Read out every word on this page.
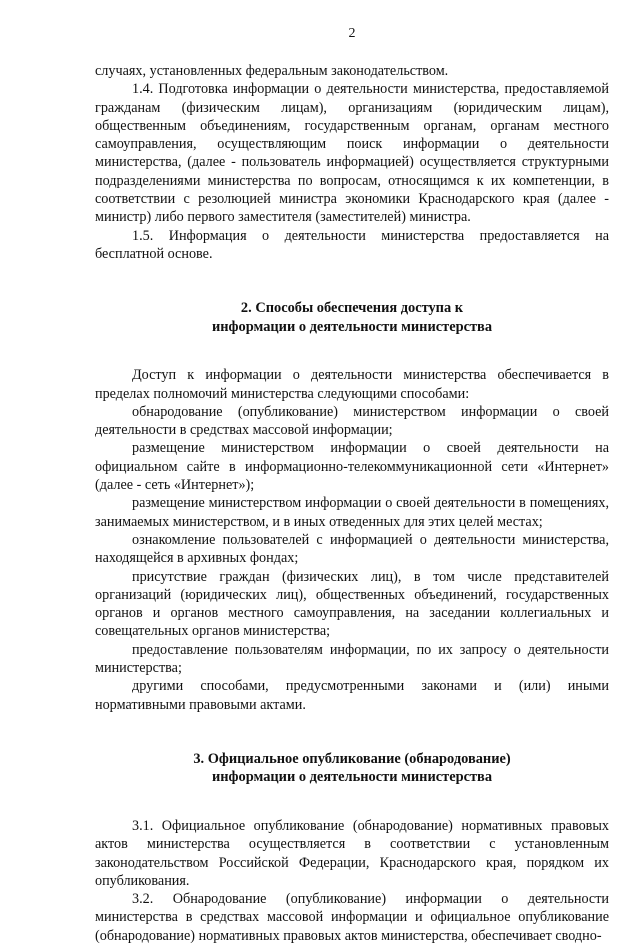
2

случаях, установленных федеральным законодательством.

1.4. Подготовка информации о деятельности министерства, предоставляемой гражданам (физическим лицам), организациям (юридическим лицам), общественным объединениям, государственным органам, органам местного самоуправления, осуществляющим поиск информации о деятельности министерства, (далее - пользователь информацией) осуществляется структурными подразделениями министерства по вопросам, относящимся к их компетенции, в соответствии с резолюцией министра экономики Краснодарского края (далее - министр) либо первого заместителя (заместителей) министра.

1.5. Информация о деятельности министерства предоставляется на бесплатной основе.

2. Способы обеспечения доступа к
информации о деятельности министерства

Доступ к информации о деятельности министерства обеспечивается в пределах полномочий министерства следующими способами:

обнародование (опубликование) министерством информации о своей деятельности в средствах массовой информации;

размещение министерством информации о своей деятельности на официальном сайте в информационно-телекоммуникационной сети «Интернет» (далее - сеть «Интернет»);

размещение министерством информации о своей деятельности в помещениях, занимаемых министерством, и в иных отведенных для этих целей местах;

ознакомление пользователей с информацией о деятельности министерства, находящейся в архивных фондах;

присутствие граждан (физических лиц), в том числе представителей организаций (юридических лиц), общественных объединений, государственных органов и органов местного самоуправления, на заседании коллегиальных и совещательных органов министерства;

предоставление пользователям информации, по их запросу о деятельности министерства;

другими способами, предусмотренными законами и (или) иными нормативными правовыми актами.

3. Официальное опубликование (обнародование)
информации о деятельности министерства

3.1. Официальное опубликование (обнародование) нормативных правовых актов министерства осуществляется в соответствии с установленным законодательством Российской Федерации, Краснодарского края, порядком их опубликования.

3.2. Обнародование (опубликование) информации о деятельности министерства в средствах массовой информации и официальное опубликование (обнародование) нормативных правовых актов министерства, обеспечивает сводно-
